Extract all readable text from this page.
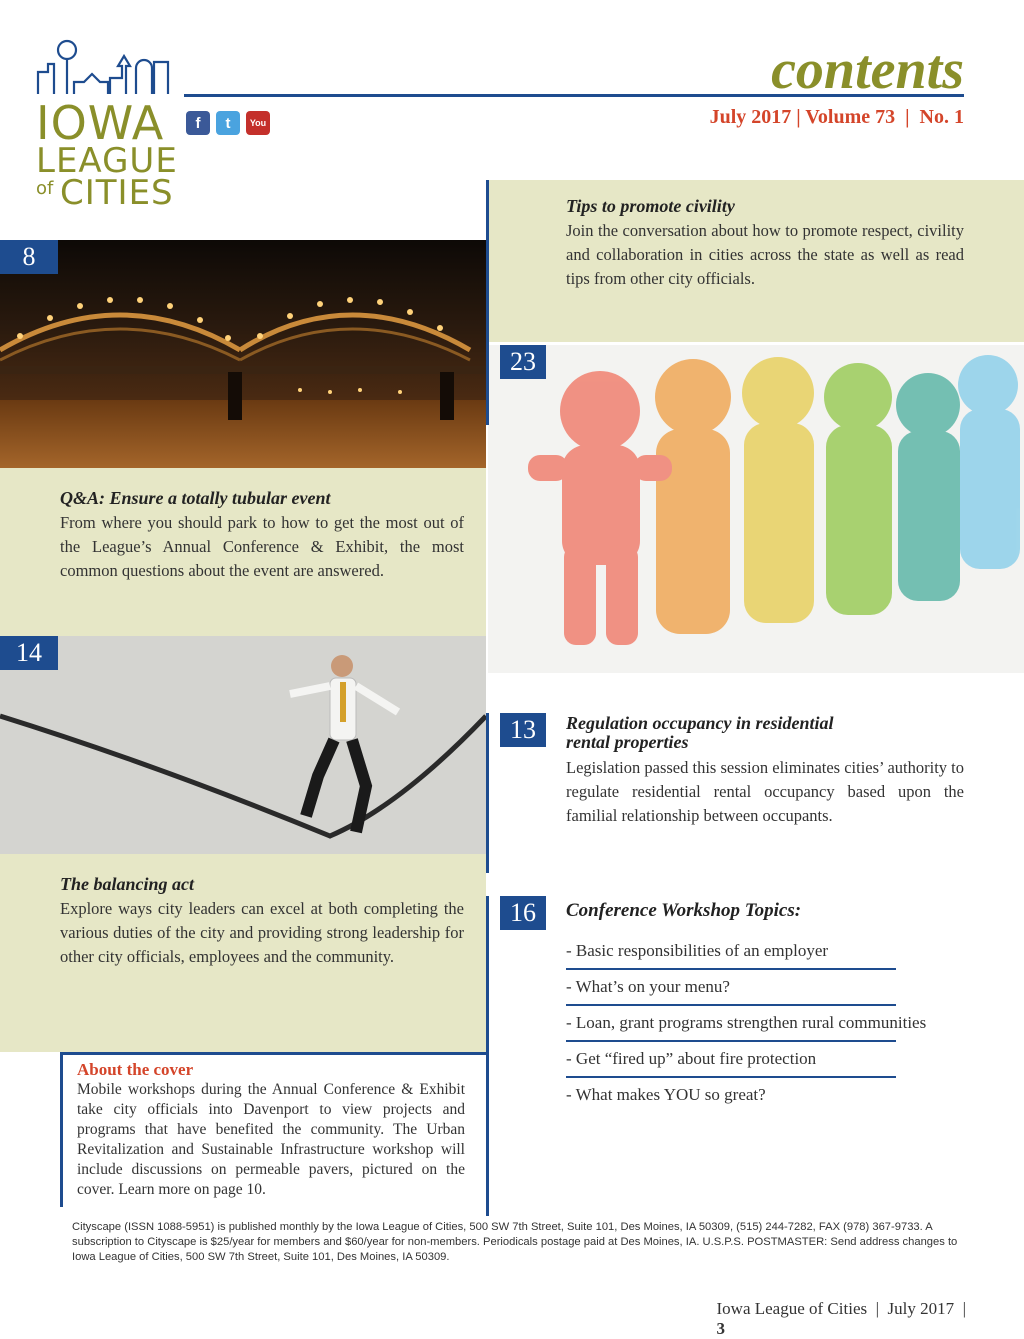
IOWA
LEAGUE
of CITIES
f	t	You
contents
July 2017 | Volume 73  |  No. 1

Tips to promote civility

Join the conversation about how to promote respect, civility and collaboration in cities across the state as well as read tips from other city officials.

8

Q&A: Ensure a totally tubular event

From where you should park to how to get the most out of the League’s Annual Conference & Exhibit, the most common questions about the event are answered.

23
14
13	Regulation occupancy in residential rental properties

Legislation passed this session eliminates cities’ authority to regulate residential rental occupancy based upon the familial relationship between occupants.

The balancing act

Explore ways city leaders can excel at both completing the various duties of the city and providing strong leadership for other city officials, employees and the community.

16	Conference Workshop Topics:

- Basic responsibilities of an employer
- What’s on your menu?
- Loan, grant programs strengthen rural communities
- Get “fired up” about fire protection
- What makes YOU so great?
About the cover
Mobile workshops during the Annual Conference & Exhibit take city officials into Davenport to view projects and programs that have benefited the community. The Urban Revitalization and Sustainable Infrastructure workshop will include discussions on permeable pavers, pictured on the cover. Learn more on page 10.
Cityscape (ISSN 1088-5951) is published monthly by the Iowa League of Cities, 500 SW 7th Street, Suite 101, Des Moines, IA 50309, (515) 244-7282, FAX (978) 367-9733. A subscription to Cityscape is $25/year for members and $60/year for non-members. Periodicals postage paid at Des Moines, IA. U.S.P.S. POSTMASTER: Send address changes to Iowa League of Cities, 500 SW 7th Street, Suite 101, Des Moines, IA 50309.

Iowa League of Cities  |  July 2017  |
3
